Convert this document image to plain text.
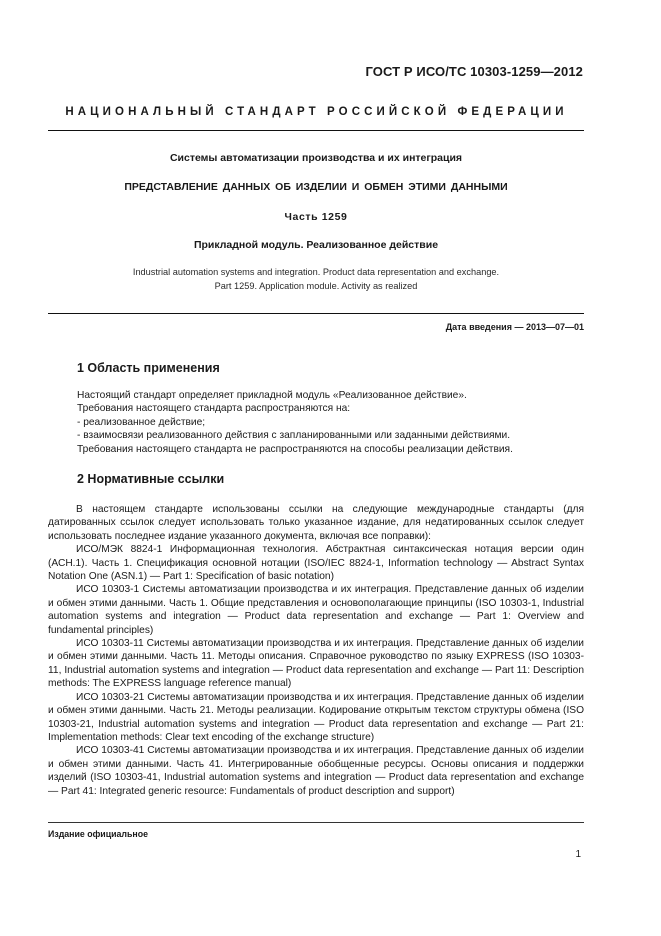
ГОСТ Р ИСО/ТС 10303-1259—2012
НАЦИОНАЛЬНЫЙ СТАНДАРТ РОССИЙСКОЙ ФЕДЕРАЦИИ
Системы автоматизации производства и их интеграция
ПРЕДСТАВЛЕНИЕ ДАННЫХ ОБ ИЗДЕЛИИ И ОБМЕН ЭТИМИ ДАННЫМИ
Часть 1259
Прикладной модуль. Реализованное действие
Industrial automation systems and integration. Product data representation and exchange.
Part 1259. Application module. Activity as realized
Дата введения — 2013—07—01
1 Область применения

Настоящий стандарт определяет прикладной модуль «Реализованное действие».

Требования настоящего стандарта распространяются на:

- реализованное действие;

- взаимосвязи реализованного действия с запланированными или заданными действиями.

Требования настоящего стандарта не распространяются на способы реализации действия.

2 Нормативные ссылки

В настоящем стандарте использованы ссылки на следующие международные стандарты (для датированных ссылок следует использовать только указанное издание, для недатированных ссылок следует использовать последнее издание указанного документа, включая все поправки):

ИСО/МЭК 8824-1 Информационная технология. Абстрактная синтаксическая нотация версии один (АСН.1). Часть 1. Спецификация основной нотации (ISO/IEC 8824-1, Information technology — Abstract Syntax Notation One (ASN.1) — Part 1: Specification of basic notation)

ИСО 10303-1 Системы автоматизации производства и их интеграция. Представление данных об изделии и обмен этими данными. Часть 1. Общие представления и основополагающие принципы (ISO 10303-1, Industrial automation systems and integration — Product data representation and exchange — Part 1: Overview and fundamental principles)

ИСО 10303-11 Системы автоматизации производства и их интеграция. Представление данных об изделии и обмен этими данными. Часть 11. Методы описания. Справочное руководство по языку EXPRESS (ISO 10303-11, Industrial automation systems and integration — Product data representation and exchange — Part 11: Description methods: The EXPRESS language reference manual)

ИСО 10303-21 Системы автоматизации производства и их интеграция. Представление данных об изделии и обмен этими данными. Часть 21. Методы реализации. Кодирование открытым текстом структуры обмена (ISO 10303-21, Industrial automation systems and integration — Product data representation and exchange — Part 21: Implementation methods: Clear text encoding of the exchange structure)

ИСО 10303-41 Системы автоматизации производства и их интеграция. Представление данных об изделии и обмен этими данными. Часть 41. Интегрированные обобщенные ресурсы. Основы описания и поддержки изделий (ISO 10303-41, Industrial automation systems and integration — Product data representation and exchange — Part 41: Integrated generic resource: Fundamentals of product description and support)

Издание официальное
1
